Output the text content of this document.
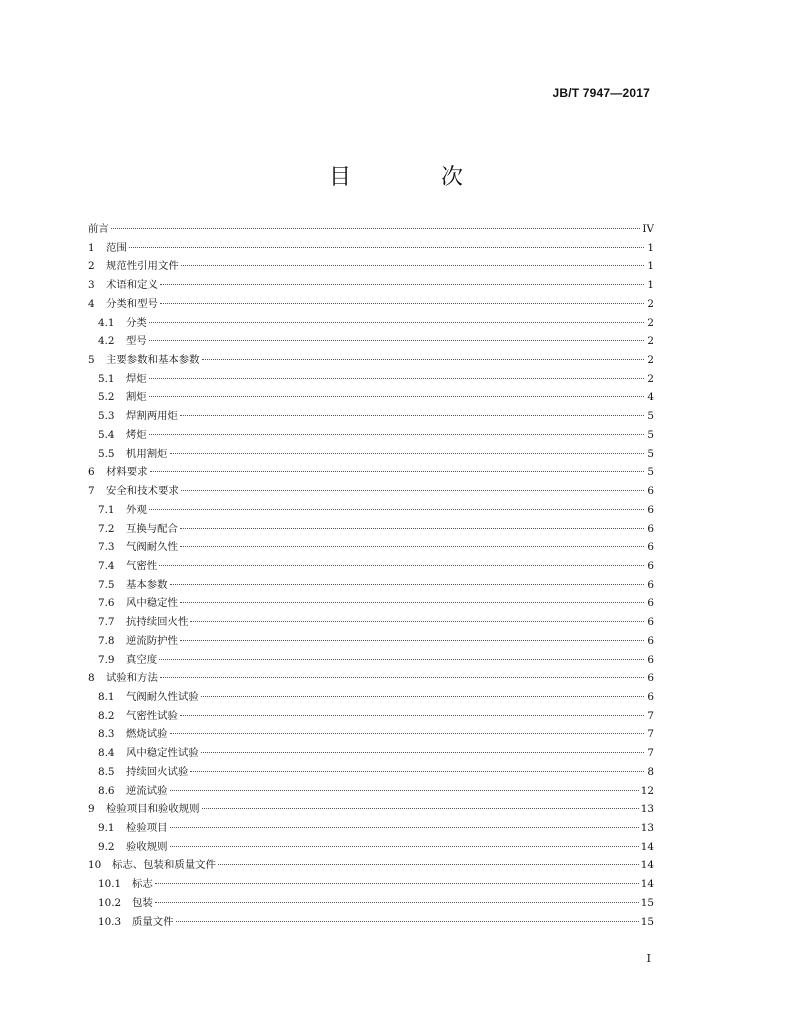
JB/T 7947—2017
目　次
前言	IV
1	范围	1
2	规范性引用文件	1
3	术语和定义	1
4	分类和型号	2
4.1	分类	2
4.2	型号	2
5	主要参数和基本参数	2
5.1	焊炬	2
5.2	割炬	4
5.3	焊割两用炬	5
5.4	烤炬	5
5.5	机用割炬	5
6	材料要求	5
7	安全和技术要求	6
7.1	外观	6
7.2	互换与配合	6
7.3	气阀耐久性	6
7.4	气密性	6
7.5	基本参数	6
7.6	风中稳定性	6
7.7	抗持续回火性	6
7.8	逆流防护性	6
7.9	真空度	6
8	试验和方法	6
8.1	气阀耐久性试验	6
8.2	气密性试验	7
8.3	燃烧试验	7
8.4	风中稳定性试验	7
8.5	持续回火试验	8
8.6	逆流试验	12
9	检验项目和验收规则	13
9.1	检验项目	13
9.2	验收规则	14
10	标志、包装和质量文件	14
10.1	标志	14
10.2	包装	15
10.3	质量文件	15
I
